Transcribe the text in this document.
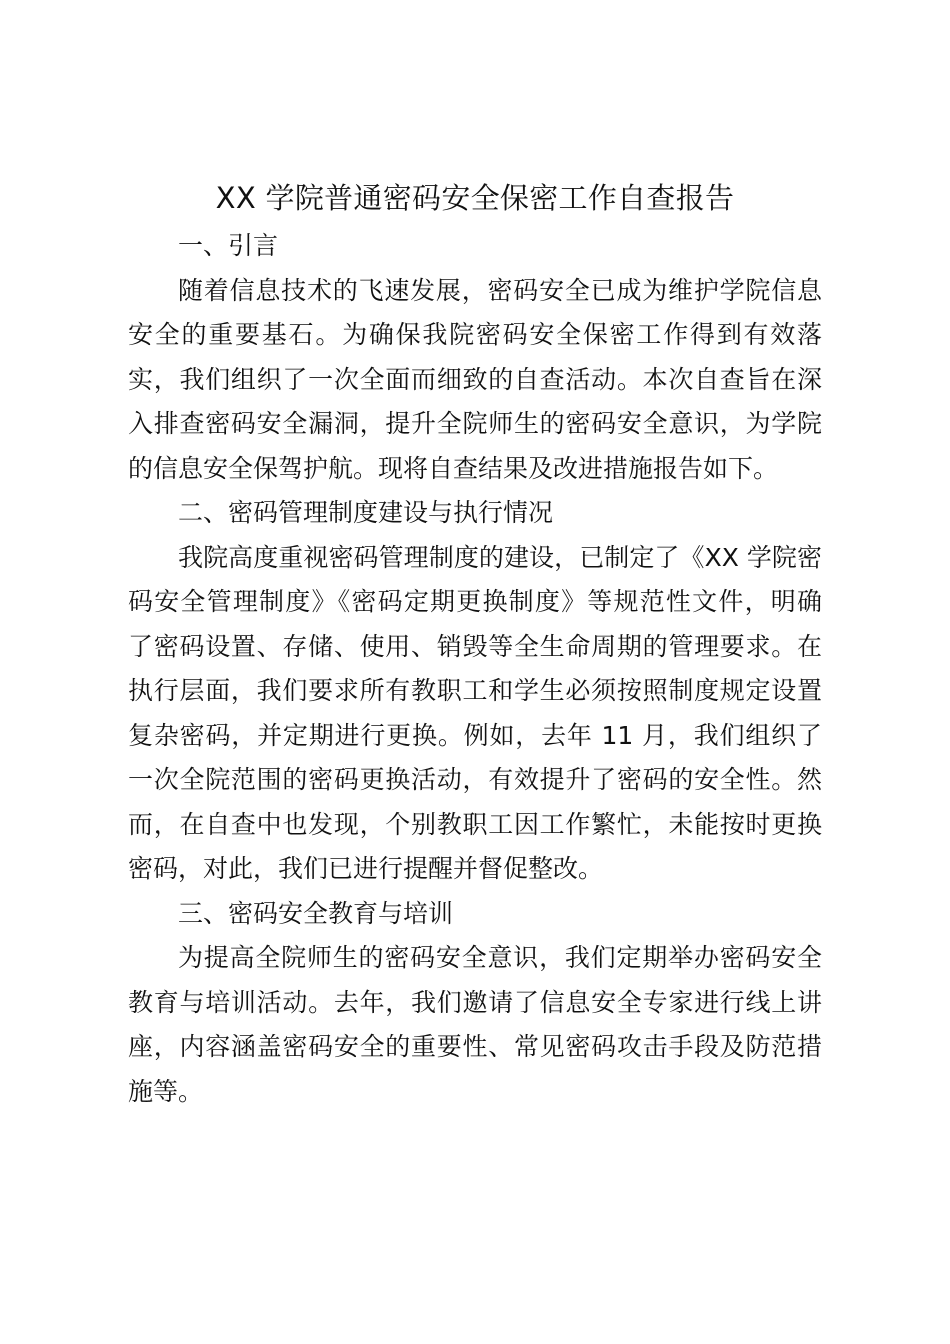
XX 学院普通密码安全保密工作自查报告
一、引言

随着信息技术的飞速发展，密码安全已成为维护学院信息
安全的重要基石。为确保我院密码安全保密工作得到有效落
实，我们组织了一次全面而细致的自查活动。本次自查旨在深
入排查密码安全漏洞，提升全院师生的密码安全意识，为学院
的信息安全保驾护航。现将自查结果及改进措施报告如下。

二、密码管理制度建设与执行情况

我院高度重视密码管理制度的建设，已制定了《XX 学院密
码安全管理制度》《密码定期更换制度》等规范性文件，明确
了密码设置、存储、使用、销毁等全生命周期的管理要求。在
执行层面，我们要求所有教职工和学生必须按照制度规定设置
复杂密码，并定期进行更换。例如，去年 11 月，我们组织了
一次全院范围的密码更换活动，有效提升了密码的安全性。然
而，在自查中也发现，个别教职工因工作繁忙，未能按时更换
密码，对此，我们已进行提醒并督促整改。

三、密码安全教育与培训

为提高全院师生的密码安全意识，我们定期举办密码安全
教育与培训活动。去年，我们邀请了信息安全专家进行线上讲
座，内容涵盖密码安全的重要性、常见密码攻击手段及防范措
施等。
